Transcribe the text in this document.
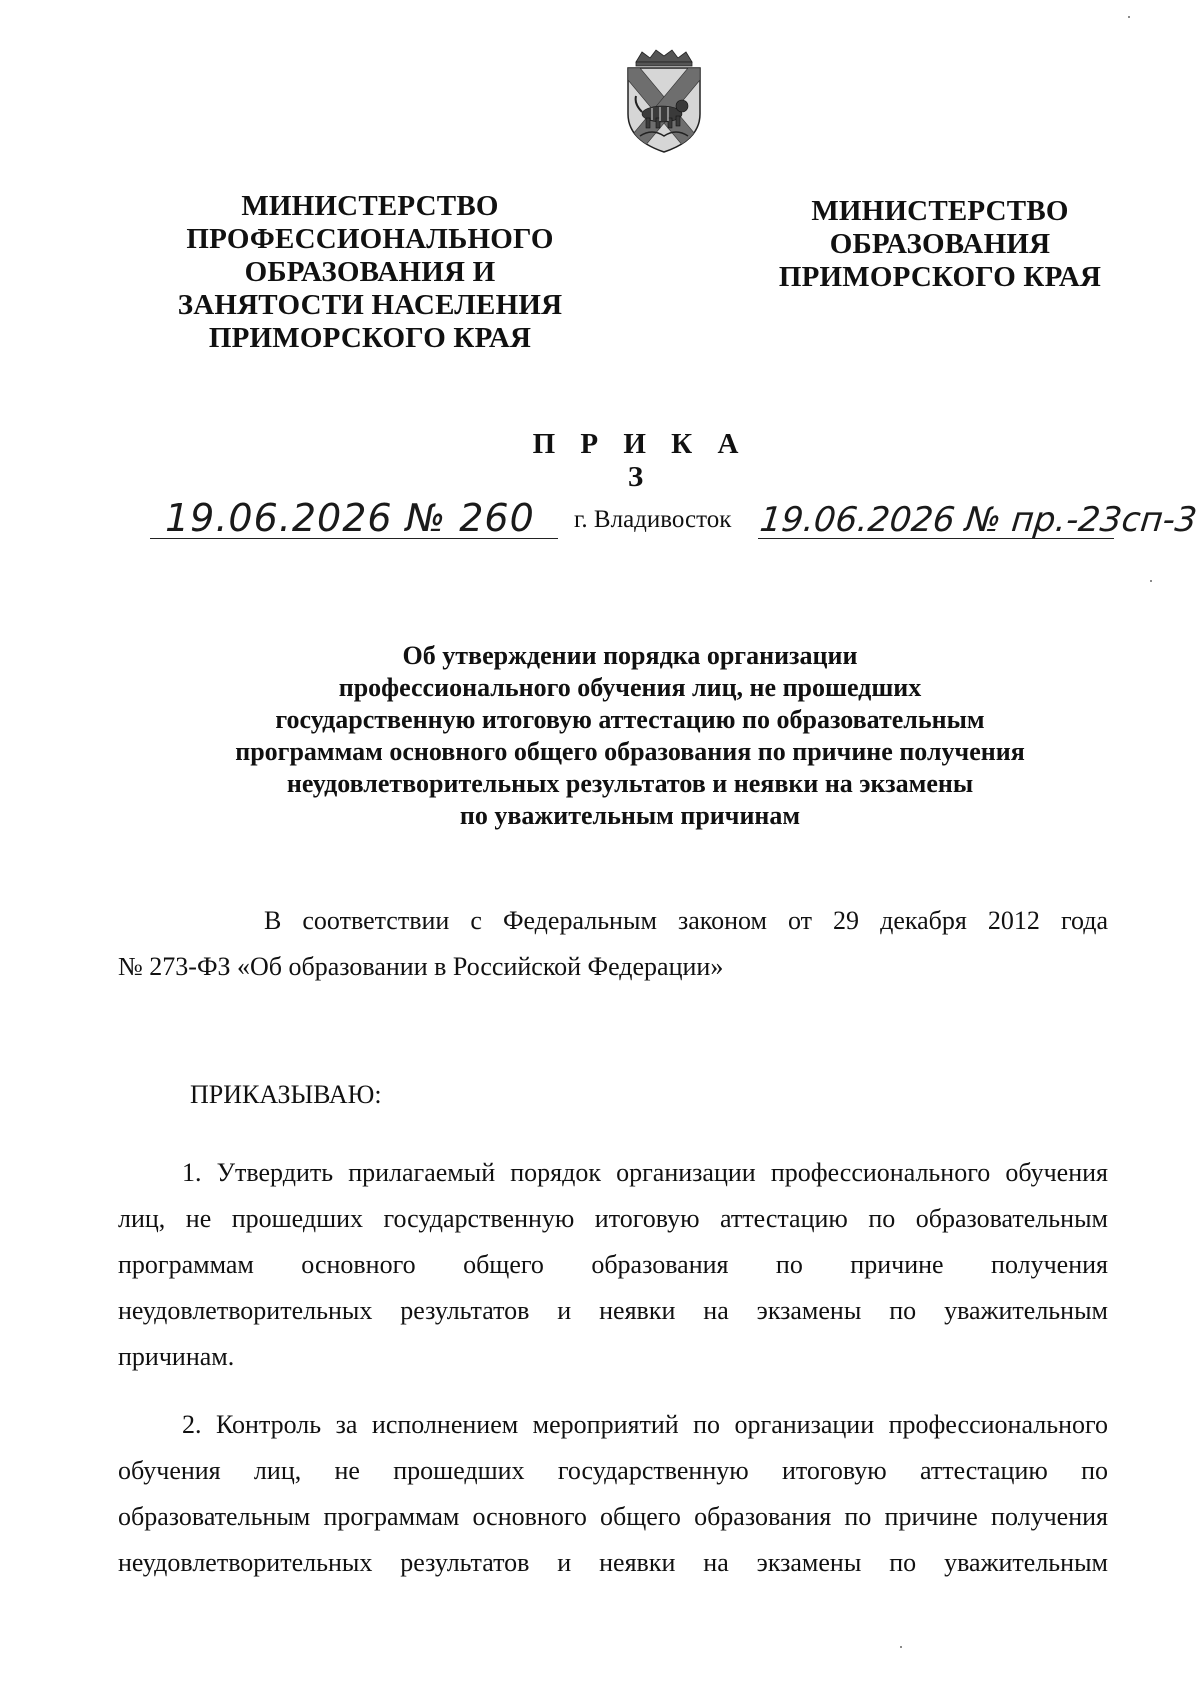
МИНИСТЕРСТВО
ПРОФЕССИОНАЛЬНОГО
ОБРАЗОВАНИЯ И
ЗАНЯТОСТИ НАСЕЛЕНИЯ
ПРИМОРСКОГО КРАЯ
МИНИСТЕРСТВО
ОБРАЗОВАНИЯ
ПРИМОРСКОГО КРАЯ
П Р И К А З
19.06.2026 № 260 г. Владивосток 19.06.2026 № пр.-23сп-3
Об утверждении порядка организации
профессионального обучения лиц, не прошедших
государственную итоговую аттестацию по образовательным
программам основного общего образования по причине получения
неудовлетворительных результатов и неявки на экзамены
по уважительным причинам
В соответствии с Федеральным законом от 29 декабря 2012 года
№ 273-ФЗ «Об образовании в Российской Федерации»
ПРИКАЗЫВАЮ:
1. Утвердить прилагаемый порядок организации профессионального обучения
лиц, не прошедших государственную итоговую аттестацию по образовательным
программам основного общего образования по причине получения
неудовлетворительных результатов и неявки на экзамены по уважительным
причинам.
2. Контроль за исполнением мероприятий по организации профессионального
обучения лиц, не прошедших государственную итоговую аттестацию по
образовательным программам основного общего образования по причине получения
неудовлетворительных результатов и неявки на экзамены по уважительным
